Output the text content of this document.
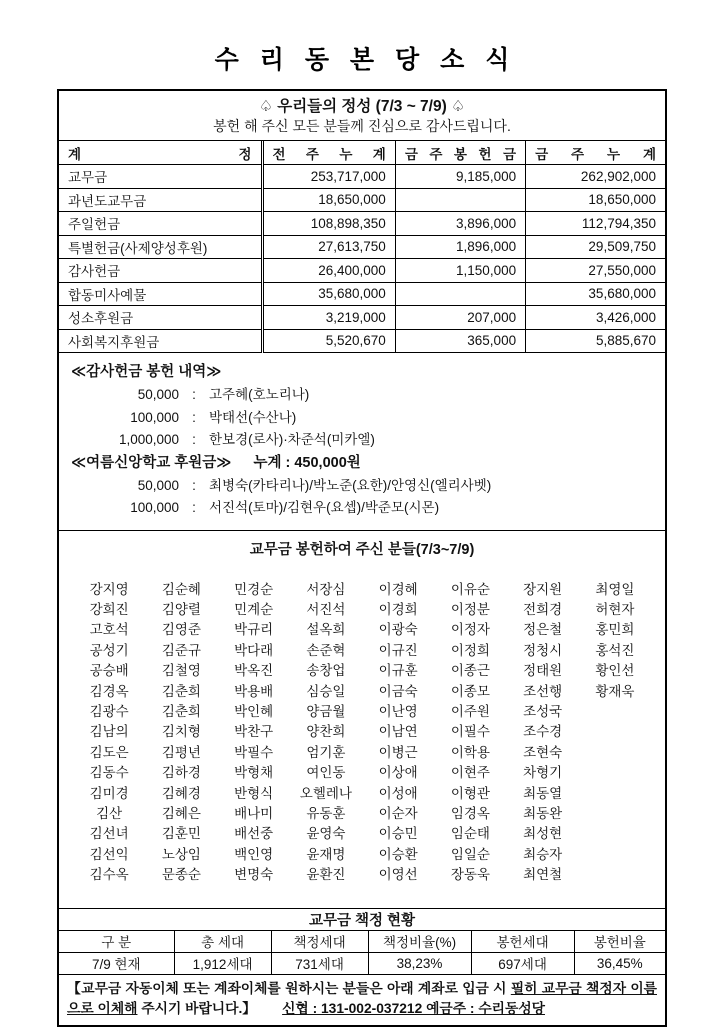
수 리 동 본 당 소 식
♤ 우리들의 정성 (7/3 ~ 7/9) ♤
봉헌 해 주신 모든 분들께 진심으로 감사드립니다.
계 정	전 주 누 계	금 주 봉 헌 금	금 주 누 계

교무금	253,717,000	9,185,000	262,902,000
과년도교무금	18,650,000		18,650,000
주일헌금	108,898,350	3,896,000	112,794,350
특별헌금(사제양성후원)	27,613,750	1,896,000	29,509,750
감사헌금	26,400,000	1,150,000	27,550,000
합동미사예물	35,680,000		35,680,000
성소후원금	3,219,000	207,000	3,426,000
사회복지후원금	5,520,670	365,000	5,885,670
≪감사헌금 봉헌 내역≫
50,000 : 고주혜(호노리나)
100,000 : 박태선(수산나)
1,000,000 : 한보경(로사)·차준석(미카엘)
≪여름신앙학교 후원금≫ 누계 : 450,000원
50,000 : 최병숙(카타리나)/박노준(요한)/안영신(엘리사벳)
100,000 : 서진석(토마)/김현우(요셉)/박준모(시몬)
교무금 봉헌하여 주신 분들(7/3~7/9)
강지영	김순혜	민경순	서장심	이경혜	이유순	장지원	최영일
강희진	김양렬	민계순	서진석	이경희	이정분	전희경	허현자
고호석	김영준	박규리	설옥희	이광숙	이정자	정은철	홍민희
공성기	김준규	박다래	손준혁	이규진	이정희	정청시	홍석진
공승배	김철영	박옥진	송창업	이규훈	이종근	정태원	황인선
김경옥	김춘희	박용배	심승일	이금숙	이종모	조선행	황재욱
김광수	김춘희	박인혜	양금월	이난영	이주원	조성국
김남의	김치형	박찬구	양찬희	이남연	이필수	조수경
김도은	김평년	박필수	엄기훈	이병근	이학용	조현숙
김동수	김하경	박형채	여인동	이상애	이현주	차형기
김미경	김혜경	반형식	오헬레나	이성애	이형관	최동열
김산	김혜은	배나미	유동훈	이순자	임경옥	최동완
김선녀	김훈민	배선중	윤영숙	이승민	임순태	최성현
김선익	노상임	백인영	윤재명	이승환	임일순	최승자
김수옥	문종순	변명숙	윤환진	이영선	장동욱	최연철
교무금 책정 현황					
구 분	총 세대	책정세대	책정비율(%)	봉헌세대	봉헌비율
7/9 현재	1,912세대	731세대	38,23%	697세대	36,45%
【교무금 자동이체 또는 계좌이체를 원하시는 분들은 아래 계좌로 입금 시 필히 교무금 책정자 이름으로 이체해 주시기 바랍니다.】 신협 : 131-002-037212 예금주 : 수리동성당
